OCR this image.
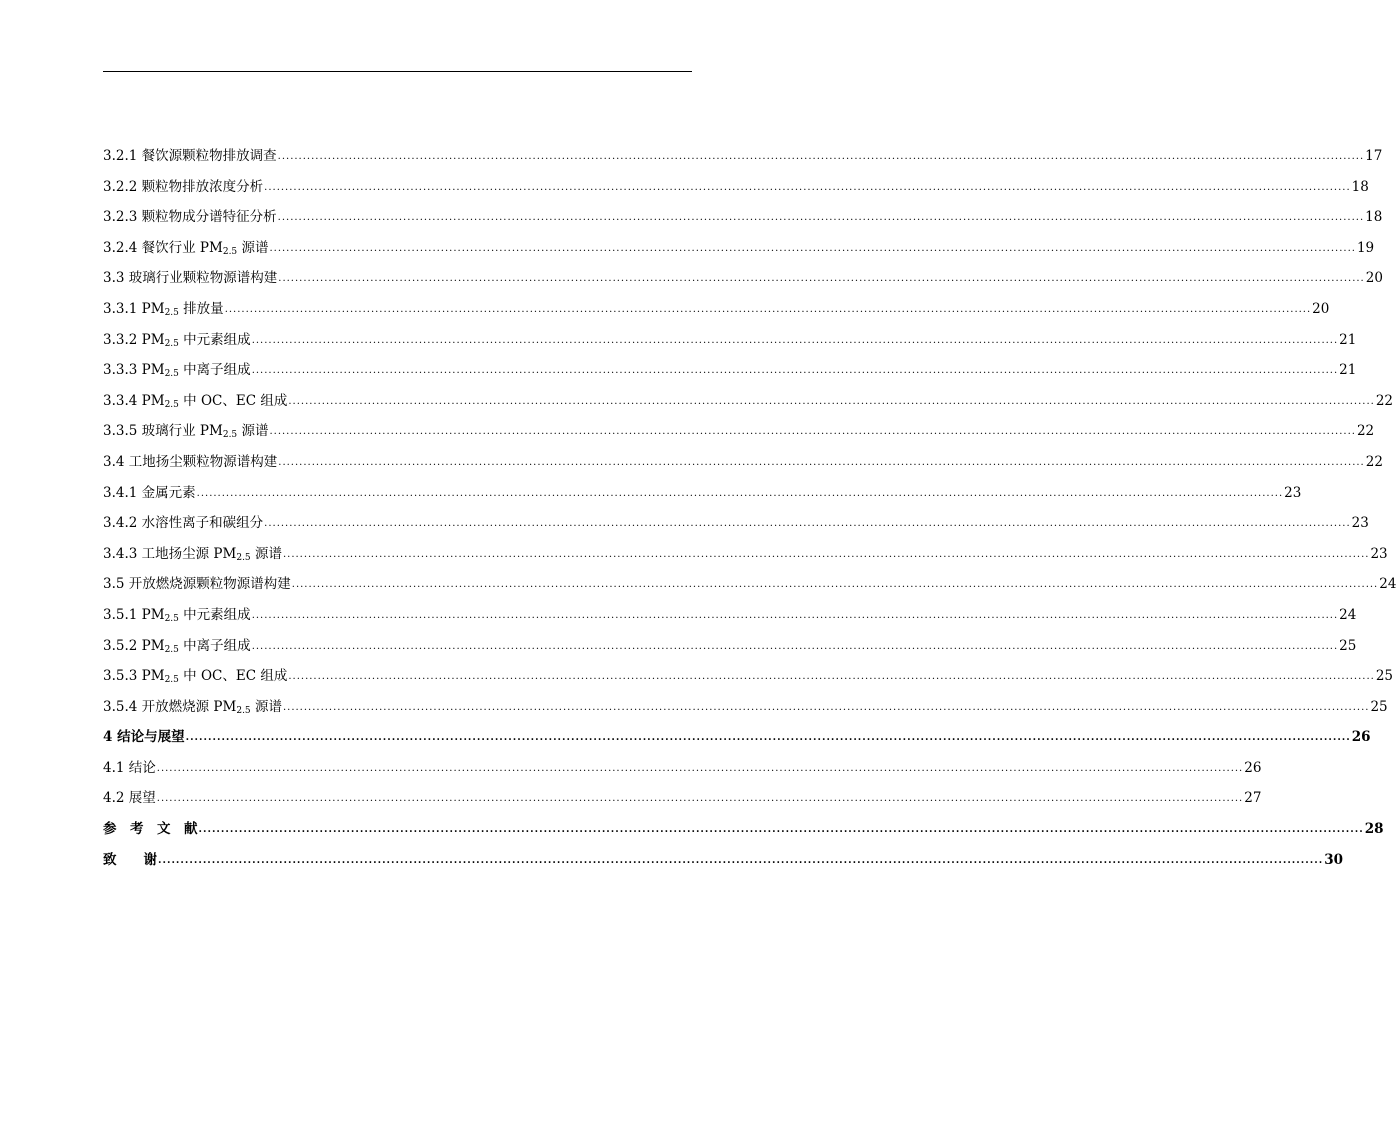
3.2.1 餐饮源颗粒物排放调查 .................................................................................................................................................................................................................................................................... 17
3.2.2 颗粒物排放浓度分析 .................................................................................................................................................................................................................................................................... 18
3.2.3 颗粒物成分谱特征分析 .................................................................................................................................................................................................................................................................... 18
3.2.4 餐饮行业 $PM_{2.5}$ 源谱 .................................................................................................................................................................................................................................................................... 19
3.3 玻璃行业颗粒物源谱构建 .................................................................................................................................................................................................................................................................... 20
3.3.1 $PM_{2.5}$ 排放量 .................................................................................................................................................................................................................................................................... 20
3.3.2 $PM_{2.5}$ 中元素组成 .................................................................................................................................................................................................................................................................... 21
3.3.3 $PM_{2.5}$ 中离子组成 .................................................................................................................................................................................................................................................................... 21
3.3.4 $PM_{2.5}$ 中 OC、EC 组成 .................................................................................................................................................................................................................................................................... 22
3.3.5 玻璃行业 $PM_{2.5}$ 源谱 .................................................................................................................................................................................................................................................................... 22
3.4 工地扬尘颗粒物源谱构建 .................................................................................................................................................................................................................................................................... 22
3.4.1 金属元素 .................................................................................................................................................................................................................................................................... 23
3.4.2 水溶性离子和碳组分 .................................................................................................................................................................................................................................................................... 23
3.4.3 工地扬尘源 $PM_{2.5}$ 源谱 .................................................................................................................................................................................................................................................................... 23
3.5 开放燃烧源颗粒物源谱构建 .................................................................................................................................................................................................................................................................... 24
3.5.1 $PM_{2.5}$ 中元素组成 .................................................................................................................................................................................................................................................................... 24
3.5.2 $PM_{2.5}$ 中离子组成 .................................................................................................................................................................................................................................................................... 25
3.5.3 $PM_{2.5}$ 中 OC、EC 组成 .................................................................................................................................................................................................................................................................... 25
3.5.4 开放燃烧源 $PM_{2.5}$ 源谱 .................................................................................................................................................................................................................................................................... 25
4 结论与展望 .................................................................................................................................................................................................................................................................... 26
4.1 结论 .................................................................................................................................................................................................................................................................... 26
4.2 展望 .................................................................................................................................................................................................................................................................... 27
参　考　文　献 .................................................................................................................................................................................................................................................................... 28
致　　谢 .................................................................................................................................................................................................................................................................... 30
